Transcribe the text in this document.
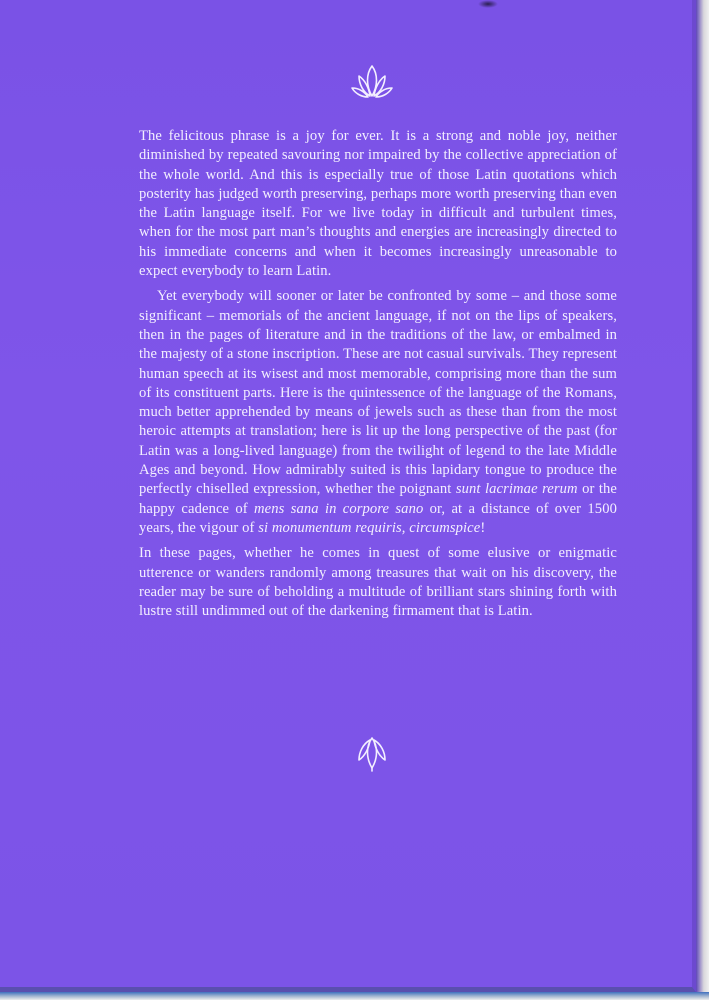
The felicitous phrase is a joy for ever. It is a strong and noble joy, neither diminished by repeated savouring nor impaired by the collective appreciation of the whole world. And this is especially true of those Latin quotations which posterity has judged worth preserving, perhaps more worth preserving than even the Latin language itself. For we live today in difficult and turbulent times, when for the most part man’s thoughts and energies are increasingly directed to his immediate concerns and when it becomes increasingly unreasonable to expect everybody to learn Latin.

Yet everybody will sooner or later be confronted by some – and those some significant – memorials of the ancient language, if not on the lips of speakers, then in the pages of literature and in the traditions of the law, or embalmed in the majesty of a stone inscription. These are not casual survivals. They represent human speech at its wisest and most memorable, comprising more than the sum of its constituent parts. Here is the quintessence of the language of the Romans, much better apprehended by means of jewels such as these than from the most heroic attempts at translation; here is lit up the long perspective of the past (for Latin was a long-lived language) from the twilight of legend to the late Middle Ages and beyond. How admirably suited is this lapidary tongue to produce the perfectly chiselled expression, whether the poignant sunt lacrimae rerum or the happy cadence of mens sana in corpore sano or, at a distance of over 1500 years, the vigour of si monumentum requiris, circumspice!

In these pages, whether he comes in quest of some elusive or enigmatic utterence or wanders randomly among treasures that wait on his discovery, the reader may be sure of beholding a multitude of brilliant stars shining forth with lustre still undimmed out of the darkening firmament that is Latin.
